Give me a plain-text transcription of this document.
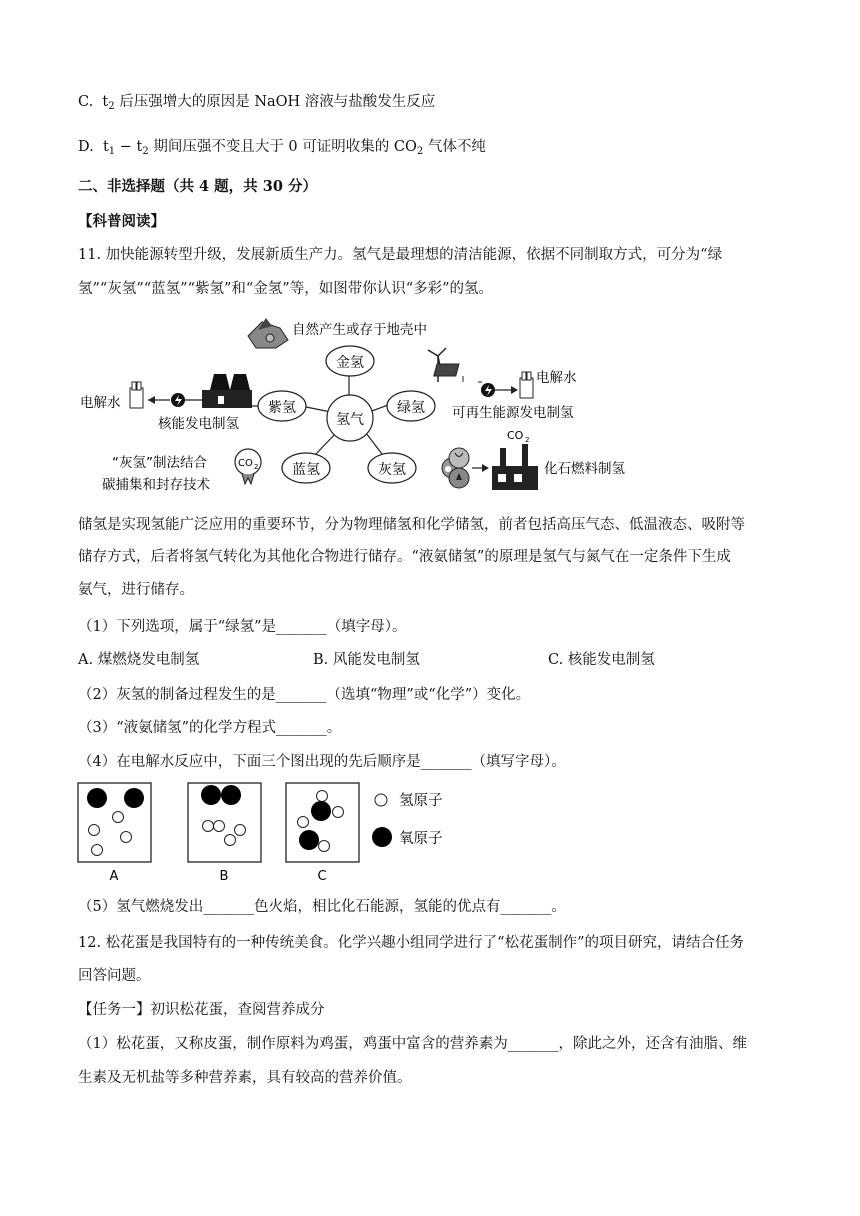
C. $t_2$ 后压强增大的原因是 NaOH 溶液与盐酸发生反应
D. $t_1 - t_2$ 期间压强不变且大于 0 可证明收集的 $CO_2$ 气体不纯
二、非选择题（共 4 题，共 30 分）
【科普阅读】
11. 加快能源转型升级，发展新质生产力。氢气是最理想的清洁能源，依据不同制取方式，可分为“绿
氢”“灰氢”“蓝氢”“紫氢”和“金氢”等，如图带你认识“多彩”的氢。
氢气
金氢
绿氢
灰氢
蓝氢
紫氢
自然产生或存于地壳中
电解水
核能发电制氢
电解水
可再生能源发电制氢
“灰氢”制法结合
碳捕集和封存技术
CO 2
CO 2
化石燃料制氢
储氢是实现氢能广泛应用的重要环节，分为物理储氢和化学储氢，前者包括高压气态、低温液态、吸附等
储存方式，后者将氢气转化为其他化合物进行储存。“液氨储氢”的原理是氢气与氮气在一定条件下生成
氨气，进行储存。
（1）下列选项，属于“绿氢”是_______（填字母）。
A. 煤燃烧发电制氢	B. 风能发电制氢	C. 核能发电制氢
（2）灰氢的制备过程发生的是_______（选填“物理”或“化学”）变化。
（3）“液氨储氢”的化学方程式_______。
（4）在电解水反应中，下面三个图出现的先后顺序是_______（填写字母）。
A	B	C
氢原子
氧原子
（5）氢气燃烧发出_______色火焰，相比化石能源，氢能的优点有_______。
12. 松花蛋是我国特有的一种传统美食。化学兴趣小组同学进行了“松花蛋制作”的项目研究，请结合任务
回答问题。
【任务一】初识松花蛋，查阅营养成分
（1）松花蛋，又称皮蛋，制作原料为鸡蛋，鸡蛋中富含的营养素为_______，除此之外，还含有油脂、维
生素及无机盐等多种营养素，具有较高的营养价值。
